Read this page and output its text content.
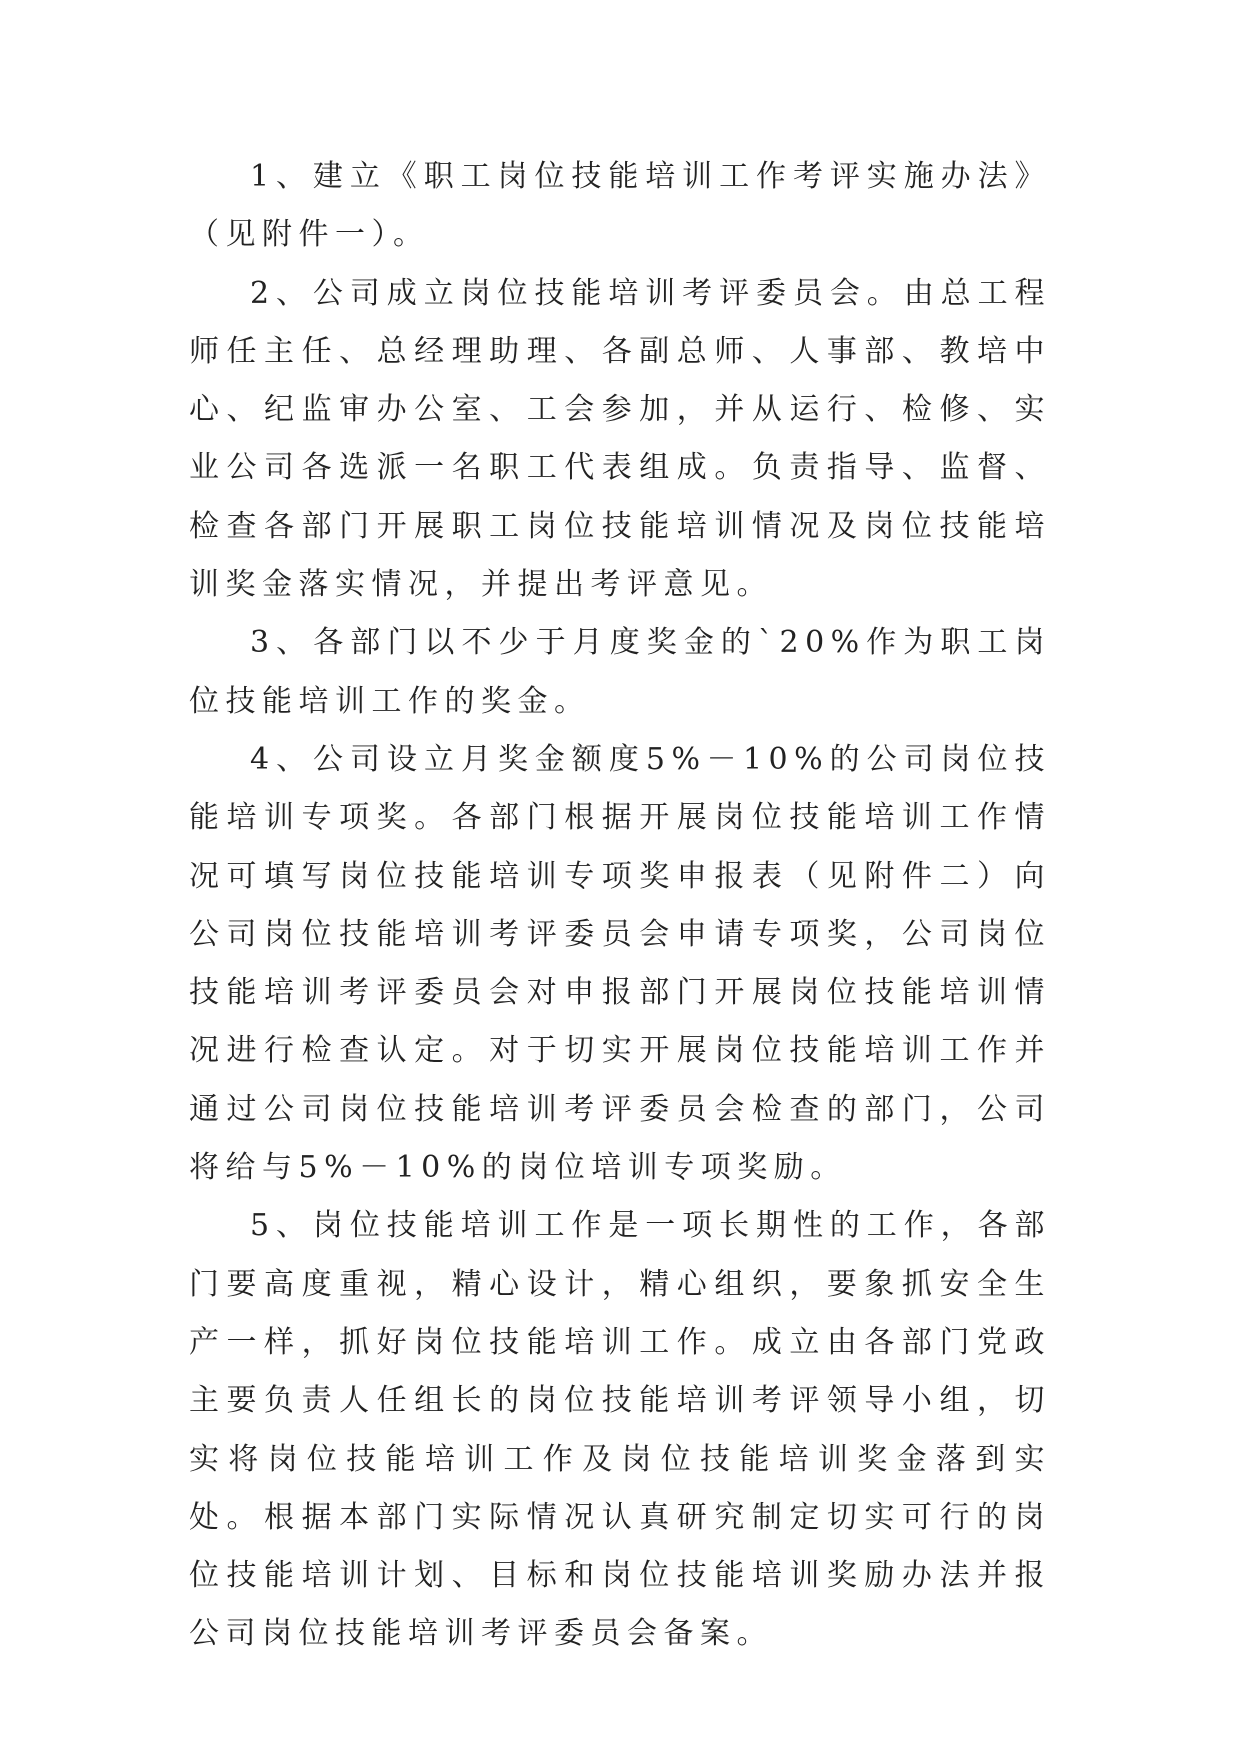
1、建立《职工岗位技能培训工作考评实施办法》（见附件一）。

2、公司成立岗位技能培训考评委员会。由总工程师任主任、总经理助理、各副总师、人事部、教培中心、纪监审办公室、工会参加，并从运行、检修、实业公司各选派一名职工代表组成。负责指导、监督、检查各部门开展职工岗位技能培训情况及岗位技能培训奖金落实情况，并提出考评意见。

3、各部门以不少于月度奖金的`20%作为职工岗位技能培训工作的奖金。

4、公司设立月奖金额度5%－10%的公司岗位技能培训专项奖。各部门根据开展岗位技能培训工作情况可填写岗位技能培训专项奖申报表（见附件二）向公司岗位技能培训考评委员会申请专项奖，公司岗位技能培训考评委员会对申报部门开展岗位技能培训情况进行检查认定。对于切实开展岗位技能培训工作并通过公司岗位技能培训考评委员会检查的部门，公司将给与5%－10%的岗位培训专项奖励。

5、岗位技能培训工作是一项长期性的工作，各部门要高度重视，精心设计，精心组织，要象抓安全生产一样，抓好岗位技能培训工作。成立由各部门党政主要负责人任组长的岗位技能培训考评领导小组，切实将岗位技能培训工作及岗位技能培训奖金落到实处。根据本部门实际情况认真研究制定切实可行的岗位技能培训计划、目标和岗位技能培训奖励办法并报公司岗位技能培训考评委员会备案。
